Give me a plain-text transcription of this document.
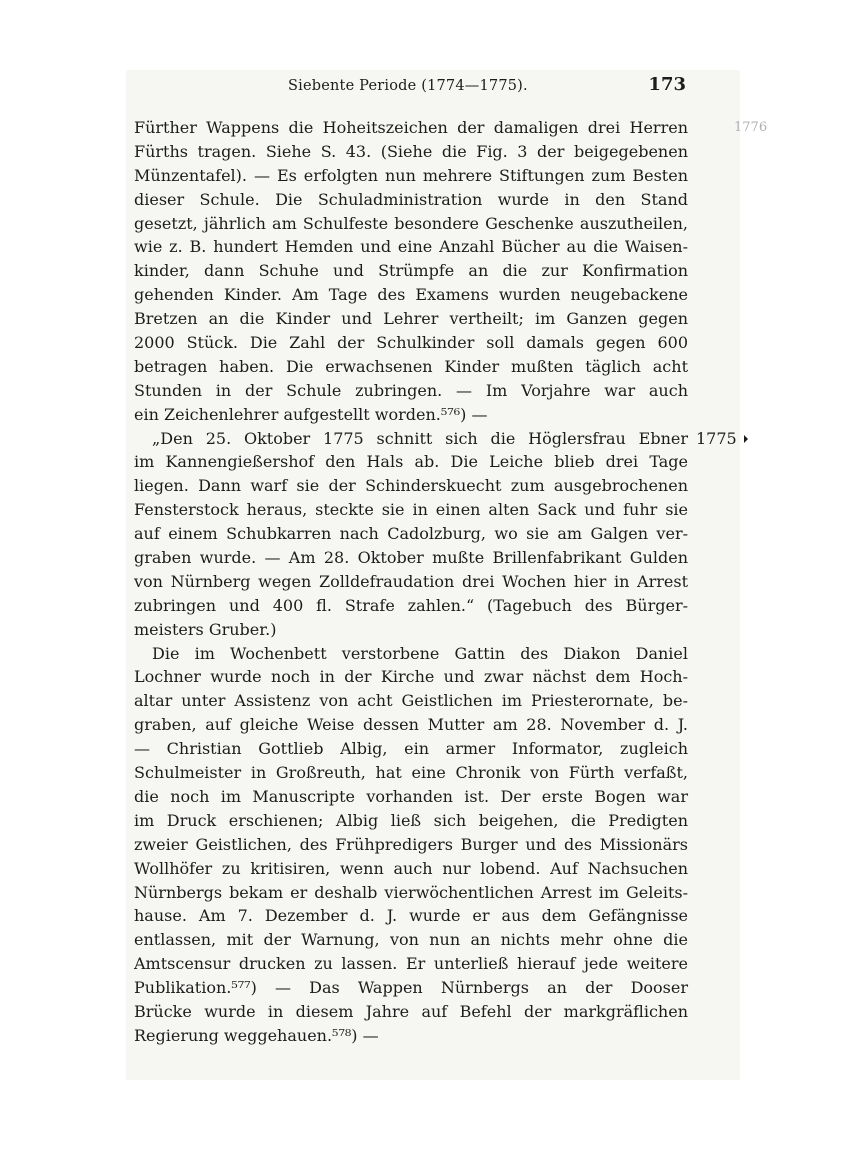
Siebente Periode (1774—1775).	173
1776
Fürther Wappens die Hoheitszeichen der damaligen drei Herren
Fürths tragen. Siehe S. 43. (Siehe die Fig. 3 der beigegebenen
Münzentafel). — Es erfolgten nun mehrere Stiftungen zum Besten
dieser Schule. Die Schuladministration wurde in den Stand
gesetzt, jährlich am Schulfeste besondere Geschenke auszutheilen,
wie z. B. hundert Hemden und eine Anzahl Bücher au die Waisen-
kinder, dann Schuhe und Strümpfe an die zur Konfirmation
gehenden Kinder. Am Tage des Examens wurden neugebackene
Bretzen an die Kinder und Lehrer vertheilt; im Ganzen gegen
2000 Stück. Die Zahl der Schulkinder soll damals gegen 600
betragen haben. Die erwachsenen Kinder mußten täglich acht
Stunden in der Schule zubringen. — Im Vorjahre war auch
ein Zeichenlehrer aufgestellt worden.⁵⁷⁶) —
„Den 25. Oktober 1775 schnitt sich die Höglersfrau Ebner 1775
im Kannengießershof den Hals ab. Die Leiche blieb drei Tage
liegen. Dann warf sie der Schinderskuecht zum ausgebrochenen
Fensterstock heraus, steckte sie in einen alten Sack und fuhr sie
auf einem Schubkarren nach Cadolzburg, wo sie am Galgen ver-
graben wurde. — Am 28. Oktober mußte Brillenfabrikant Gulden
von Nürnberg wegen Zolldefraudation drei Wochen hier in Arrest
zubringen und 400 fl. Strafe zahlen.“ (Tagebuch des Bürger-
meisters Gruber.)
Die im Wochenbett verstorbene Gattin des Diakon Daniel
Lochner wurde noch in der Kirche und zwar nächst dem Hoch-
altar unter Assistenz von acht Geistlichen im Priesterornate, be-
graben, auf gleiche Weise dessen Mutter am 28. November d. J.
— Christian Gottlieb Albig, ein armer Informator, zugleich
Schulmeister in Großreuth, hat eine Chronik von Fürth verfaßt,
die noch im Manuscripte vorhanden ist. Der erste Bogen war
im Druck erschienen; Albig ließ sich beigehen, die Predigten
zweier Geistlichen, des Frühpredigers Burger und des Missionärs
Wollhöfer zu kritisiren, wenn auch nur lobend. Auf Nachsuchen
Nürnbergs bekam er deshalb vierwöchentlichen Arrest im Geleits-
hause. Am 7. Dezember d. J. wurde er aus dem Gefängnisse
entlassen, mit der Warnung, von nun an nichts mehr ohne die
Amtscensur drucken zu lassen. Er unterließ hierauf jede weitere
Publikation.⁵⁷⁷) — Das Wappen Nürnbergs an der Dooser
Brücke wurde in diesem Jahre auf Befehl der markgräflichen
Regierung weggehauen.⁵⁷⁸) —
